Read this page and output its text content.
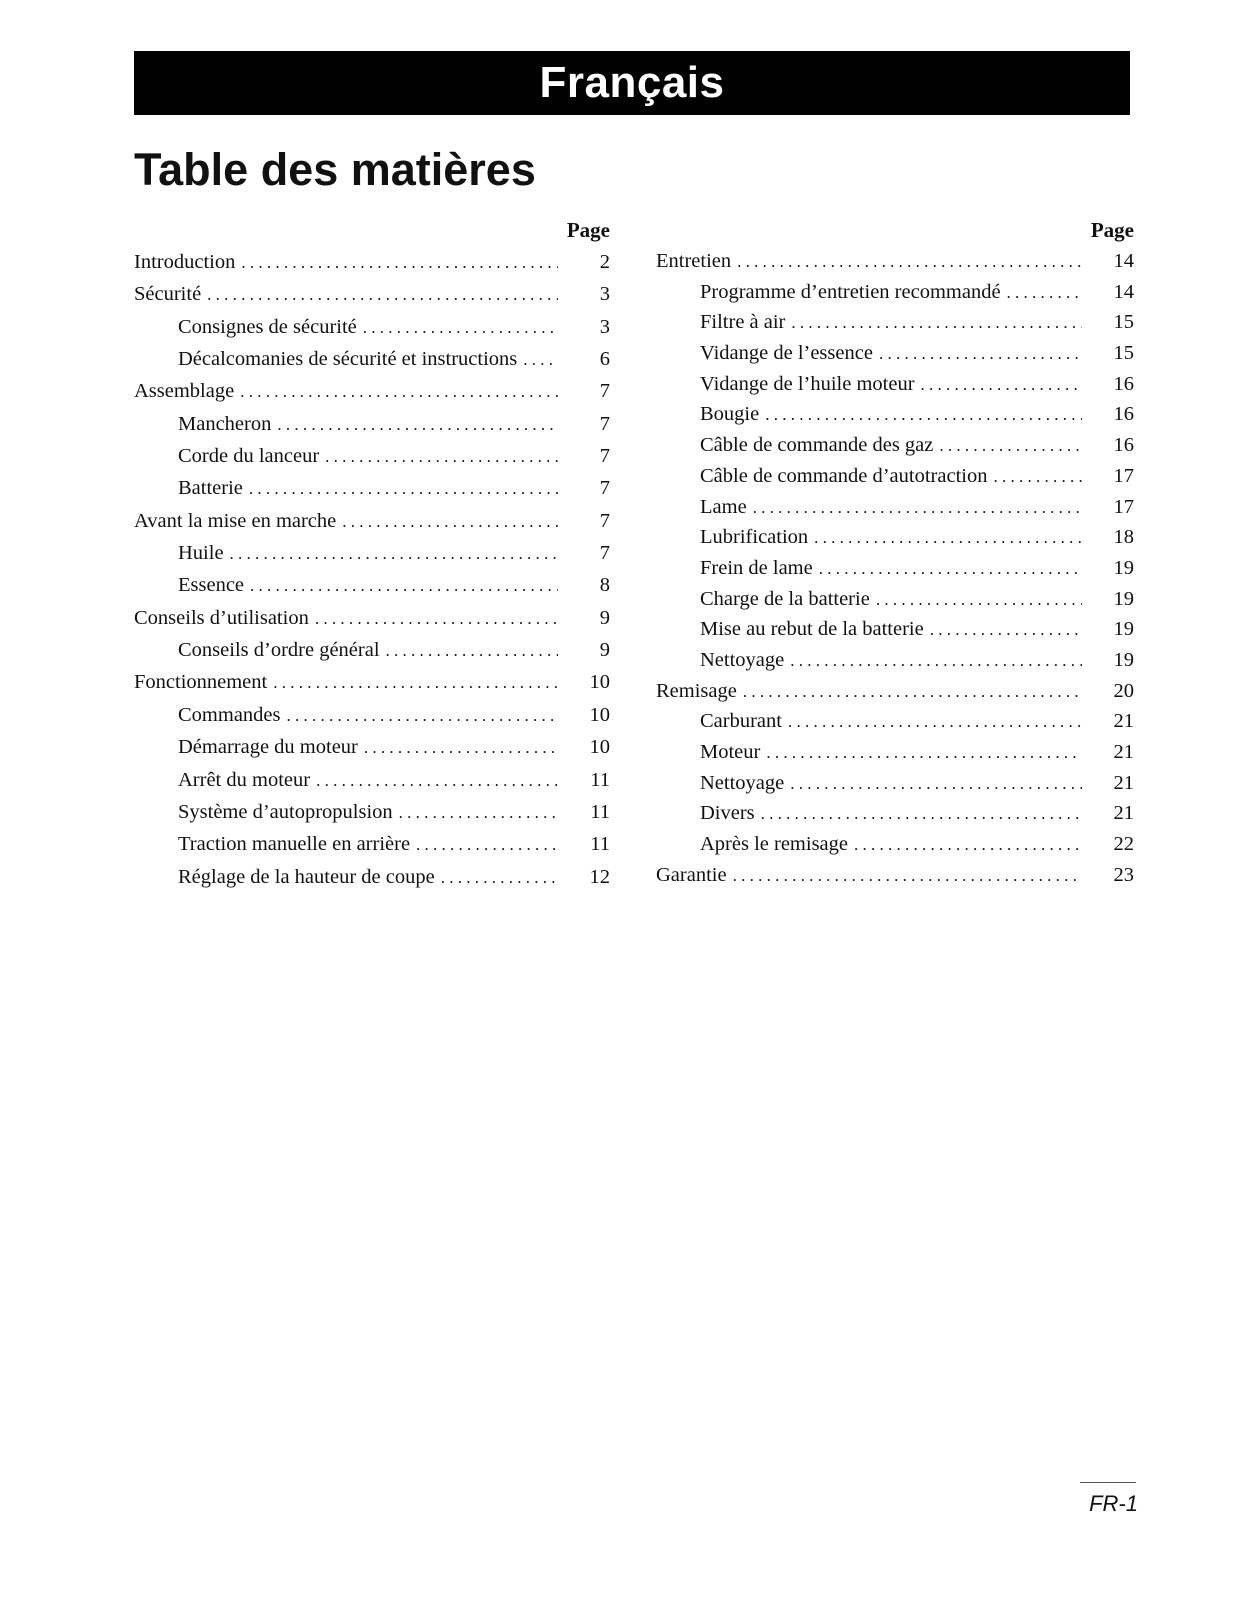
Français
Table des matières
Page
Introduction . . .	2
Sécurité . . .	3
Consignes de sécurité . . .	3
Décalcomanies de sécurité et instructions . . .	6
Assemblage . . .	7
Mancheron . . .	7
Corde du lanceur . . .	7
Batterie . . .	7
Avant la mise en marche . . .	7
Huile . . .	7
Essence . . .	8
Conseils d’utilisation . . .	9
Conseils d’ordre général . . .	9
Fonctionnement . . .	10
Commandes . . .	10
Démarrage du moteur . . .	10
Arrêt du moteur . . .	11
Système d’autopropulsion . . .	11
Traction manuelle en arrière . . .	11
Réglage de la hauteur de coupe . . .	12
Page
Entretien . . .	14
Programme d’entretien recommandé . . .	14
Filtre à air . . .	15
Vidange de l’essence . . .	15
Vidange de l’huile moteur . . .	16
Bougie . . .	16
Câble de commande des gaz . . .	16
Câble de commande d’autotraction . . .	17
Lame . . .	17
Lubrification . . .	18
Frein de lame . . .	19
Charge de la batterie . . .	19
Mise au rebut de la batterie . . .	19
Nettoyage . . .	19
Remisage . . .	20
Carburant . . .	21
Moteur . . .	21
Nettoyage . . .	21
Divers . . .	21
Après le remisage . . .	22
Garantie . . .	23
FR-1
